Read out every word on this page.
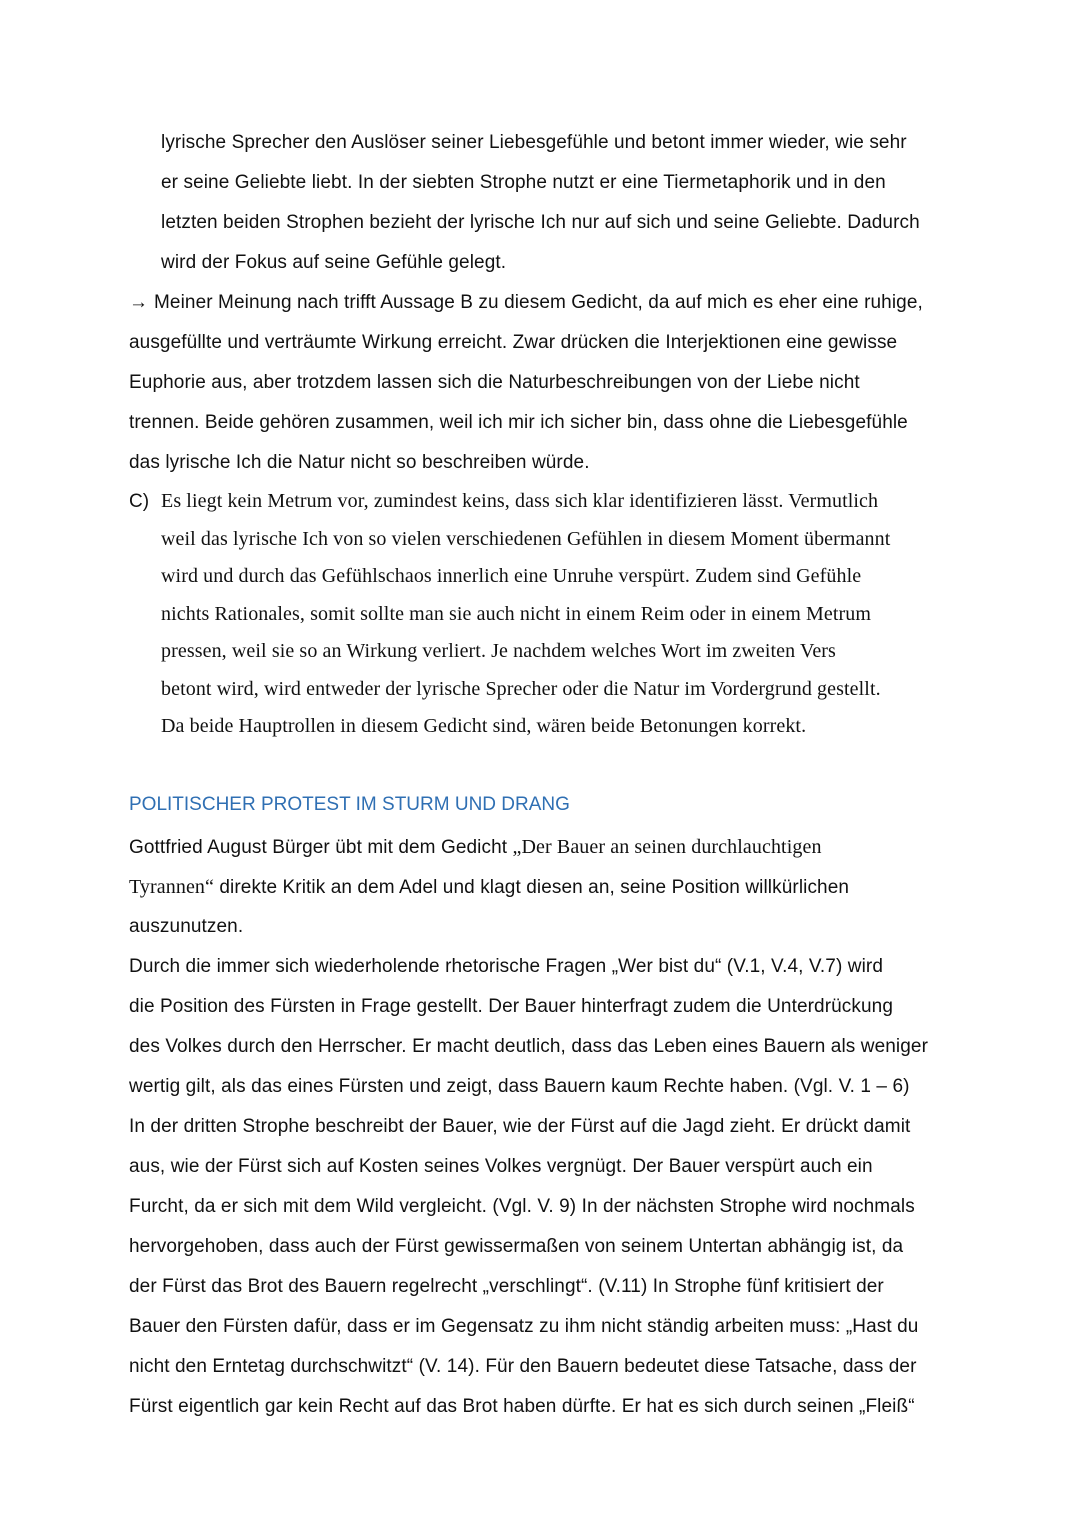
lyrische Sprecher den Auslöser seiner Liebesgefühle und betont immer wieder, wie sehr
er seine Geliebte liebt. In der siebten Strophe nutzt er eine Tiermetaphorik und in den
letzten beiden Strophen bezieht der lyrische Ich nur auf sich und seine Geliebte. Dadurch
wird der Fokus auf seine Gefühle gelegt.
→ Meiner Meinung nach trifft Aussage B zu diesem Gedicht, da auf mich es eher eine ruhige,
ausgefüllte und verträumte Wirkung erreicht. Zwar drücken die Interjektionen eine gewisse
Euphorie aus, aber trotzdem lassen sich die Naturbeschreibungen von der Liebe nicht
trennen. Beide gehören zusammen, weil ich mir ich sicher bin, dass ohne die Liebesgefühle
das lyrische Ich die Natur nicht so beschreiben würde.
C) Es liegt kein Metrum vor, zumindest keins, dass sich klar identifizieren lässt. Vermutlich
weil das lyrische Ich von so vielen verschiedenen Gefühlen in diesem Moment übermannt
wird und durch das Gefühlschaos innerlich eine Unruhe verspürt. Zudem sind Gefühle
nichts Rationales, somit sollte man sie auch nicht in einem Reim oder in einem Metrum
pressen, weil sie so an Wirkung verliert. Je nachdem welches Wort im zweiten Vers
betont wird, wird entweder der lyrische Sprecher oder die Natur im Vordergrund gestellt.
Da beide Hauptrollen in diesem Gedicht sind, wären beide Betonungen korrekt.
POLITISCHER PROTEST IM STURM UND DRANG
Gottfried August Bürger übt mit dem Gedicht „Der Bauer an seinen durchlauchtigen
Tyrannen“ direkte Kritik an dem Adel und klagt diesen an, seine Position willkürlichen
auszunutzen.
Durch die immer sich wiederholende rhetorische Fragen „Wer bist du“ (V.1, V.4, V.7) wird
die Position des Fürsten in Frage gestellt. Der Bauer hinterfragt zudem die Unterdrückung
des Volkes durch den Herrscher. Er macht deutlich, dass das Leben eines Bauern als weniger
wertig gilt, als das eines Fürsten und zeigt, dass Bauern kaum Rechte haben. (Vgl. V. 1 – 6)
In der dritten Strophe beschreibt der Bauer, wie der Fürst auf die Jagd zieht. Er drückt damit
aus, wie der Fürst sich auf Kosten seines Volkes vergnügt. Der Bauer verspürt auch ein
Furcht, da er sich mit dem Wild vergleicht. (Vgl. V. 9) In der nächsten Strophe wird nochmals
hervorgehoben, dass auch der Fürst gewissermaßen von seinem Untertan abhängig ist, da
der Fürst das Brot des Bauern regelrecht „verschlingt“. (V.11) In Strophe fünf kritisiert der
Bauer den Fürsten dafür, dass er im Gegensatz zu ihm nicht ständig arbeiten muss: „Hast du
nicht den Erntetag durchschwitzt“ (V. 14). Für den Bauern bedeutet diese Tatsache, dass der
Fürst eigentlich gar kein Recht auf das Brot haben dürfte. Er hat es sich durch seinen „Fleiß“
